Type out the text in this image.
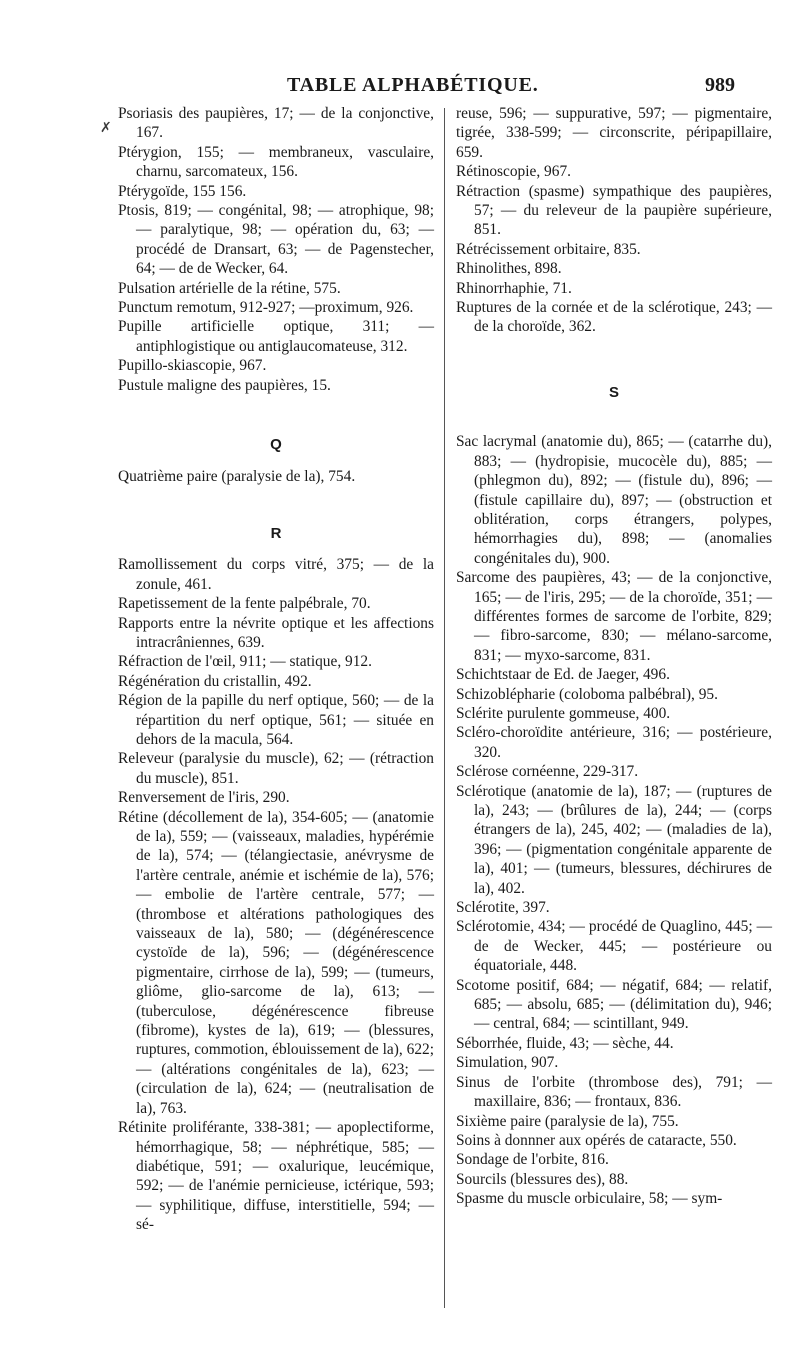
TABLE ALPHABÉTIQUE.	989
✗

Psoriasis des paupières, 17; — de la conjonctive, 167.

Ptérygion, 155; — membraneux, vasculaire, charnu, sarcomateux, 156.

Ptérygoïde, 155 156.

Ptosis, 819; — congénital, 98; — atrophique, 98; — paralytique, 98; — opération du, 63; — procédé de Dransart, 63; — de Pagenstecher, 64; — de de Wecker, 64.

Pulsation artérielle de la rétine, 575.

Punctum remotum, 912-927; —proximum, 926.

Pupille artificielle optique, 311; — antiphlogistique ou antiglaucomateuse, 312.

Pupillo-skiascopie, 967.

Pustule maligne des paupières, 15.

Q

Quatrième paire (paralysie de la), 754.

R

Ramollissement du corps vitré, 375; — de la zonule, 461.

Rapetissement de la fente palpébrale, 70.

Rapports entre la névrite optique et les affections intracrâniennes, 639.

Réfraction de l'œil, 911; — statique, 912.

Régénération du cristallin, 492.

Région de la papille du nerf optique, 560; — de la répartition du nerf optique, 561; — située en dehors de la macula, 564.

Releveur (paralysie du muscle), 62; — (rétraction du muscle), 851.

Renversement de l'iris, 290.

Rétine (décollement de la), 354-605; — (anatomie de la), 559; — (vaisseaux, maladies, hypérémie de la), 574; — (télangiectasie, anévrysme de l'artère centrale, anémie et ischémie de la), 576; — embolie de l'artère centrale, 577; — (thrombose et altérations pathologiques des vaisseaux de la), 580; — (dégénérescence cystoïde de la), 596; — (dégénérescence pigmentaire, cirrhose de la), 599; — (tumeurs, gliôme, glio-sarcome de la), 613; — (tuberculose, dégénérescence fibreuse (fibrome), kystes de la), 619; — (blessures, ruptures, commotion, éblouissement de la), 622; — (altérations congénitales de la), 623; — (circulation de la), 624; — (neutralisation de la), 763.

Rétinite proliférante, 338-381; — apoplectiforme, hémorrhagique, 58; — néphrétique, 585; — diabétique, 591; — oxalurique, leucémique, 592; — de l'anémie pernicieuse, ictérique, 593; — syphilitique, diffuse, interstitielle, 594; — sé-

reuse, 596; — suppurative, 597; — pigmentaire, tigrée, 338-599; — circonscrite, péripapillaire, 659.

Rétinoscopie, 967.

Rétraction (spasme) sympathique des paupières, 57; — du releveur de la paupière supérieure, 851.

Rétrécissement orbitaire, 835.

Rhinolithes, 898.

Rhinorrhaphie, 71.

Ruptures de la cornée et de la sclérotique, 243; — de la choroïde, 362.

S

Sac lacrymal (anatomie du), 865; — (catarrhe du), 883; — (hydropisie, mucocèle du), 885; — (phlegmon du), 892; — (fistule du), 896; — (fistule capillaire du), 897; — (obstruction et oblitération, corps étrangers, polypes, hémorrhagies du), 898; — (anomalies congénitales du), 900.

Sarcome des paupières, 43; — de la conjonctive, 165; — de l'iris, 295; — de la choroïde, 351; — différentes formes de sarcome de l'orbite, 829; — fibro-sarcome, 830; — mélano-sarcome, 831; — myxo-sarcome, 831.

Schichtstaar de Ed. de Jaeger, 496.

Schizoblépharie (coloboma palbébral), 95.

Sclérite purulente gommeuse, 400.

Scléro-choroïdite antérieure, 316; — postérieure, 320.

Sclérose cornéenne, 229-317.

Sclérotique (anatomie de la), 187; — (ruptures de la), 243; — (brûlures de la), 244; — (corps étrangers de la), 245, 402; — (maladies de la), 396; — (pigmentation congénitale apparente de la), 401; — (tumeurs, blessures, déchirures de la), 402.

Sclérotite, 397.

Sclérotomie, 434; — procédé de Quaglino, 445; — de de Wecker, 445; — postérieure ou équatoriale, 448.

Scotome positif, 684; — négatif, 684; — relatif, 685; — absolu, 685; — (délimitation du), 946; — central, 684; — scintillant, 949.

Séborrhée, fluide, 43; — sèche, 44.

Simulation, 907.

Sinus de l'orbite (thrombose des), 791; — maxillaire, 836; — frontaux, 836.

Sixième paire (paralysie de la), 755.

Soins à donnner aux opérés de cataracte, 550.

Sondage de l'orbite, 816.

Sourcils (blessures des), 88.

Spasme du muscle orbiculaire, 58; — sym-
